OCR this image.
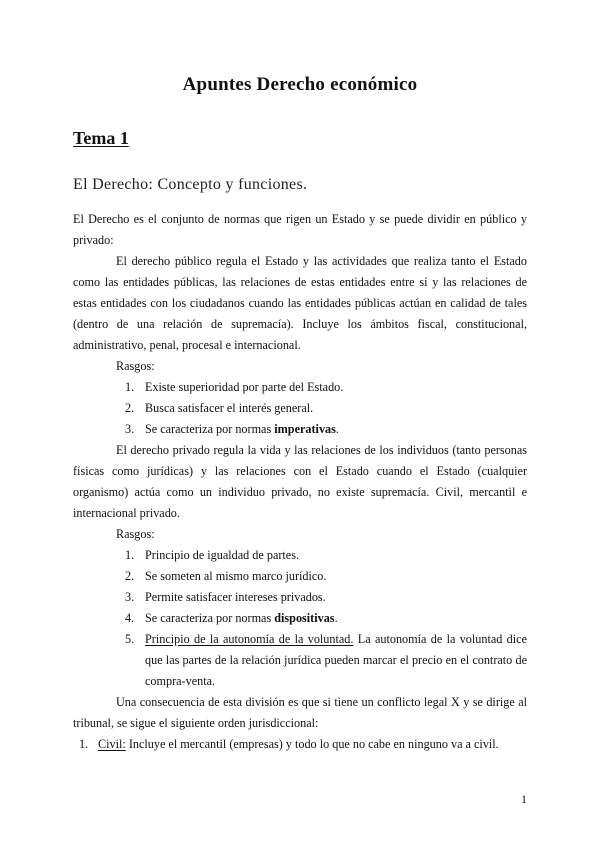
Apuntes Derecho económico
Tema 1
El Derecho: Concepto y funciones.

El Derecho es el conjunto de normas que rigen un Estado y se puede dividir en público y privado:

El derecho público regula el Estado y las actividades que realiza tanto el Estado como las entidades públicas, las relaciones de estas entidades entre sí y las relaciones de estas entidades con los ciudadanos cuando las entidades públicas actúan en calidad de tales (dentro de una relación de supremacía). Incluye los ámbitos fiscal, constitucional, administrativo, penal, procesal e internacional.

Rasgos:

1. Existe superioridad por parte del Estado.
2. Busca satisfacer el interés general.
3. Se caracteriza por normas imperativas.

El derecho privado regula la vida y las relaciones de los individuos (tanto personas físicas como jurídicas) y las relaciones con el Estado cuando el Estado (cualquier organismo) actúa como un individuo privado, no existe supremacía. Civil, mercantil e internacional privado.

Rasgos:

1. Principio de igualdad de partes.
2. Se someten al mismo marco jurídico.
3. Permite satisfacer intereses privados.
4. Se caracteriza por normas dispositivas.
5. Principio de la autonomía de la voluntad. La autonomía de la voluntad dice que las partes de la relación jurídica pueden marcar el precio en el contrato de compra-venta.

Una consecuencia de esta división es que si tiene un conflicto legal X y se dirige al tribunal, se sigue el siguiente orden jurisdiccional:

1. Civil: Incluye el mercantil (empresas) y todo lo que no cabe en ninguno va a civil.
1
